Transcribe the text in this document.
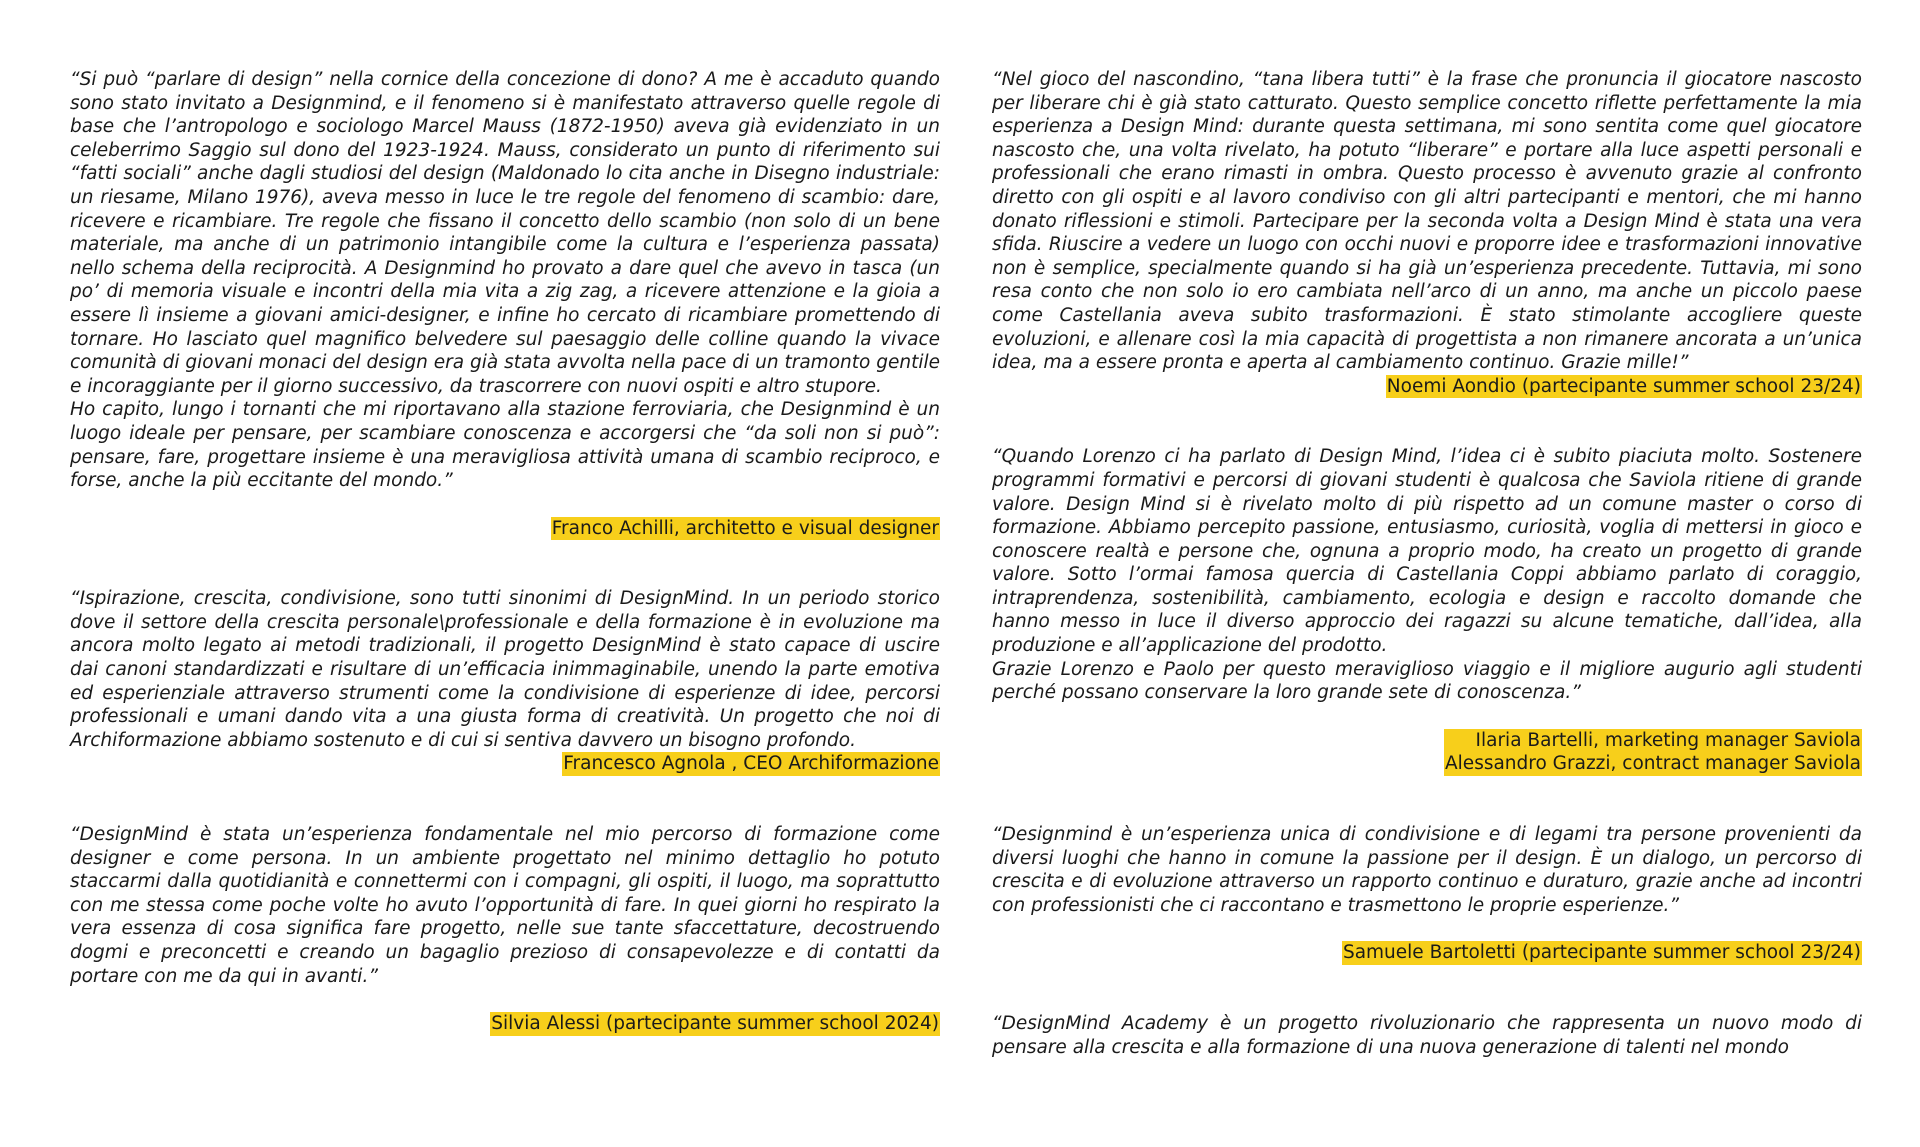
“Si può “parlare di design” nella cornice della concezione di dono? A me è accaduto quando sono stato invitato a Designmind, e il fenomeno si è manifestato attraverso quelle regole di base che l’antropologo e sociologo Marcel Mauss (1872-1950) aveva già evidenziato in un celeberrimo Saggio sul dono del 1923-1924. Mauss, considerato un punto di riferimento sui “fatti sociali” anche dagli studiosi del design (Maldonado lo cita anche in Disegno industriale: un riesame, Milano 1976), aveva messo in luce le tre regole del fenomeno di scambio: dare, ricevere e ricambiare. Tre regole che fissano il concetto dello scambio (non solo di un bene materiale, ma anche di un patrimonio intangibile come la cultura e l’esperienza passata) nello schema della reciprocità. A Designmind ho provato a dare quel che avevo in tasca (un po’ di memoria visuale e incontri della mia vita a zig zag, a ricevere attenzione e la gioia a essere lì insieme a giovani amici-designer, e infine ho cercato di ricambiare promettendo di tornare. Ho lasciato quel magnifico belvedere sul paesaggio delle colline quando la vivace comunità di giovani monaci del design era già stata avvolta nella pace di un tramonto gentile e incoraggiante per il giorno successivo, da trascorrere con nuovi ospiti e altro stupore.
Ho capito, lungo i tornanti che mi riportavano alla stazione ferroviaria, che Designmind è un luogo ideale per pensare, per scambiare conoscenza e accorgersi che “da soli non si può”: pensare, fare, progettare insieme è una meravigliosa attività umana di scambio reciproco, e forse, anche la più eccitante del mondo.”

Franco Achilli, architetto e visual designer

“Ispirazione, crescita, condivisione, sono tutti sinonimi di DesignMind. In un periodo storico dove il settore della crescita personale\professionale e della formazione è in evoluzione ma ancora molto legato ai metodi tradizionali, il progetto DesignMind è stato capace di uscire dai canoni standardizzati e risultare di un’efficacia inimmaginabile, unendo la parte emotiva ed esperienziale attraverso strumenti come la condivisione di esperienze di idee, percorsi professionali e umani dando vita a una giusta forma di creatività. Un progetto che noi di Archiformazione abbiamo sostenuto e di cui si sentiva davvero un bisogno profondo.

Francesco Agnola , CEO Archiformazione

“DesignMind è stata un’esperienza fondamentale nel mio percorso di formazione come designer e come persona. In un ambiente progettato nel minimo dettaglio ho potuto staccarmi dalla quotidianità e connettermi con i compagni, gli ospiti, il luogo, ma soprattutto con me stessa come poche volte ho avuto l’opportunità di fare. In quei giorni ho respirato la vera essenza di cosa significa fare progetto, nelle sue tante sfaccettature, decostruendo dogmi e preconcetti e creando un bagaglio prezioso di consapevolezze e di contatti da portare con me da qui in avanti.”

Silvia Alessi (partecipante summer school 2024)

“Nel gioco del nascondino, “tana libera tutti” è la frase che pronuncia il giocatore nascosto per liberare chi è già stato catturato. Questo semplice concetto riflette perfettamente la mia esperienza a Design Mind: durante questa settimana, mi sono sentita come quel giocatore nascosto che, una volta rivelato, ha potuto “liberare” e portare alla luce aspetti personali e professionali che erano rimasti in ombra. Questo processo è avvenuto grazie al confronto diretto con gli ospiti e al lavoro condiviso con gli altri partecipanti e mentori, che mi hanno donato riflessioni e stimoli. Partecipare per la seconda volta a Design Mind è stata una vera sfida. Riuscire a vedere un luogo con occhi nuovi e proporre idee e trasformazioni innovative non è semplice, specialmente quando si ha già un’esperienza precedente. Tuttavia, mi sono resa conto che non solo io ero cambiata nell’arco di un anno, ma anche un piccolo paese come Castellania aveva subito trasformazioni. È stato stimolante accogliere queste evoluzioni, e allenare così la mia capacità di progettista a non rimanere ancorata a un’unica idea, ma a essere pronta e aperta al cambiamento continuo. Grazie mille!”

Noemi Aondio (partecipante summer school 23/24)

“Quando Lorenzo ci ha parlato di Design Mind, l’idea ci è subito piaciuta molto. Sostenere programmi formativi e percorsi di giovani studenti è qualcosa che Saviola ritiene di grande valore. Design Mind si è rivelato molto di più rispetto ad un comune master o corso di formazione. Abbiamo percepito passione, entusiasmo, curiosità, voglia di mettersi in gioco e conoscere realtà e persone che, ognuna a proprio modo, ha creato un progetto di grande valore. Sotto l’ormai famosa quercia di Castellania Coppi abbiamo parlato di coraggio, intraprendenza, sostenibilità, cambiamento, ecologia e design e raccolto domande che hanno messo in luce il diverso approccio dei ragazzi su alcune tematiche, dall’idea, alla produzione e all’applicazione del prodotto.
Grazie Lorenzo e Paolo per questo meraviglioso viaggio e il migliore augurio agli studenti perché possano conservare la loro grande sete di conoscenza.”

Ilaria Bartelli, marketing manager Saviola
Alessandro Grazzi, contract manager Saviola

“Designmind è un’esperienza unica di condivisione e di legami tra persone provenienti da diversi luoghi che hanno in comune la passione per il design. È un dialogo, un percorso di crescita e di evoluzione attraverso un rapporto continuo e duraturo, grazie anche ad incontri con professionisti che ci raccontano e trasmettono le proprie esperienze.”

Samuele Bartoletti (partecipante summer school 23/24)

“DesignMind Academy è un progetto rivoluzionario che rappresenta un nuovo modo di pensare alla crescita e alla formazione di una nuova generazione di talenti nel mondo
